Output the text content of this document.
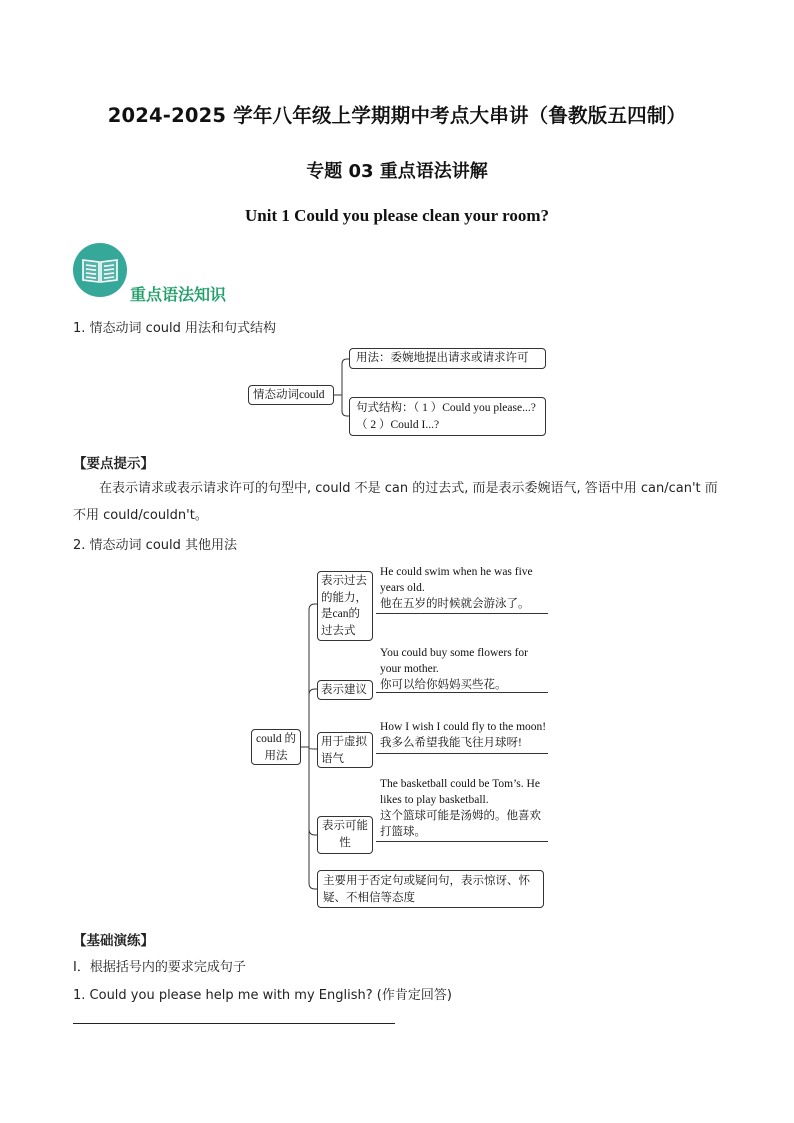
2024-2025 学年八年级上学期期中考点大串讲（鲁教版五四制）
专题 03 重点语法讲解
Unit 1 Could you please clean your room?
重点语法知识
1. 情态动词 could 用法和句式结构
情态动词could
用法：委婉地提出请求或请求许可
句式结构：（ 1 ）Could you please...?
（ 2 ）Could I...?
【要点提示】
在表示请求或表示请求许可的句型中, could 不是 can 的过去式, 而是表示委婉语气, 答语中用 can/can't 而不用 could/couldn't。
2. 情态动词 could 其他用法
could 的用法
表示过去的能力，是can的过去式
He could swim when he was five years old.
他在五岁的时候就会游泳了。
表示建议
You could buy some flowers for your mother.
你可以给你妈妈买些花。
用于虚拟语气
How I wish I could fly to the moon!
我多么希望我能飞往月球呀!
表示可能性
The basketball could be Tom’s. He likes to play basketball.
这个篮球可能是汤姆的。他喜欢打篮球。
主要用于否定句或疑问句，表示惊讶、怀疑、不相信等态度
【基础演练】
Ⅰ．根据括号内的要求完成句子
1. Could you please help me with my English? (作肯定回答)
